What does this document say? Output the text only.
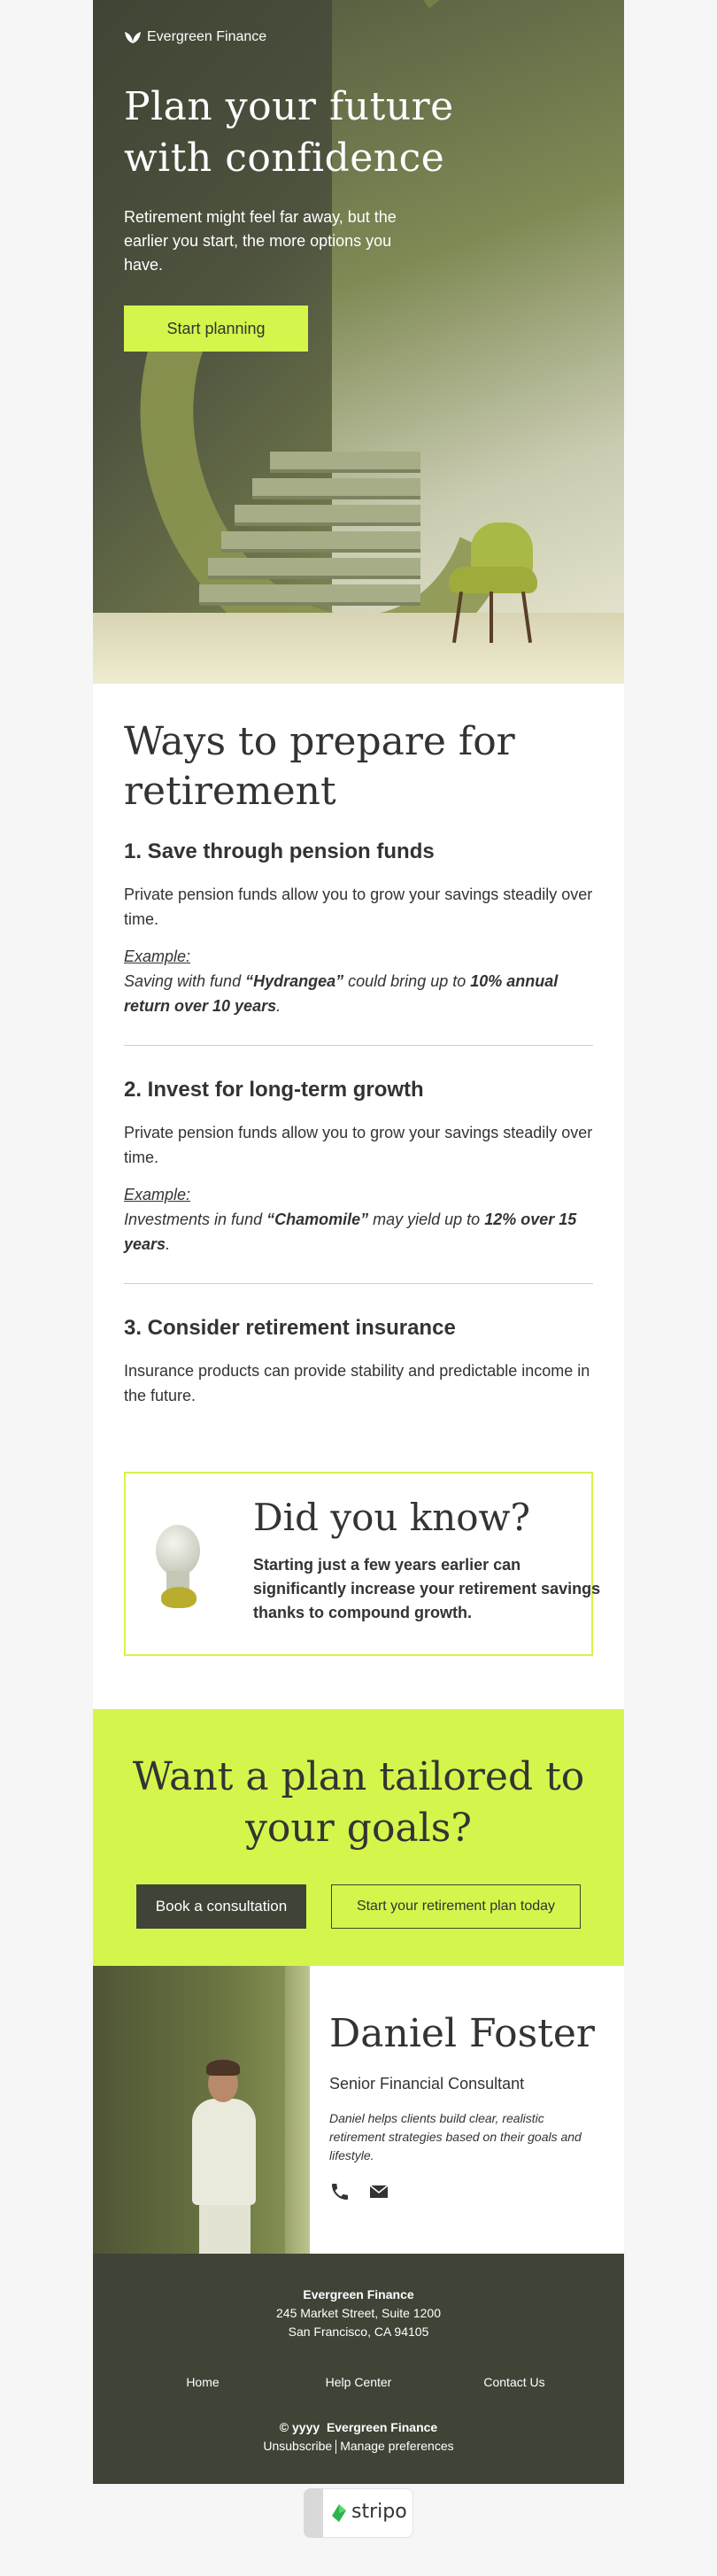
Evergreen Finance
Plan your future
with confidence

Retirement might feel far away, but the earlier you start, the more options you have.

Start planning
Ways to prepare for retirement
1. Save through pension funds

Private pension funds allow you to grow your savings steadily over time.

Example:
Saving with fund “Hydrangea” could bring up to 10% annual return over 10 years.

2. Invest for long-term growth

Private pension funds allow you to grow your savings steadily over time.

Example:
Investments in fund “Chamomile” may yield up to 12% over 15 years.

3. Consider retirement insurance

Insurance products can provide stability and predictable income in the future.

Did you know?

Starting just a few years earlier can significantly increase your retirement savings thanks to compound growth.

Want a plan tailored to
your goals?
Book a consultation	Start your retirement plan today
Daniel Foster

Senior Financial Consultant

Daniel helps clients build clear, realistic retirement strategies based on their goals and lifestyle.

Evergreen Finance
245 Market Street, Suite 1200
San Francisco, CA 94105
Home	Help Center	Contact Us
© yyyy Evergreen Finance
Unsubscribe Manage preferences
stripo
